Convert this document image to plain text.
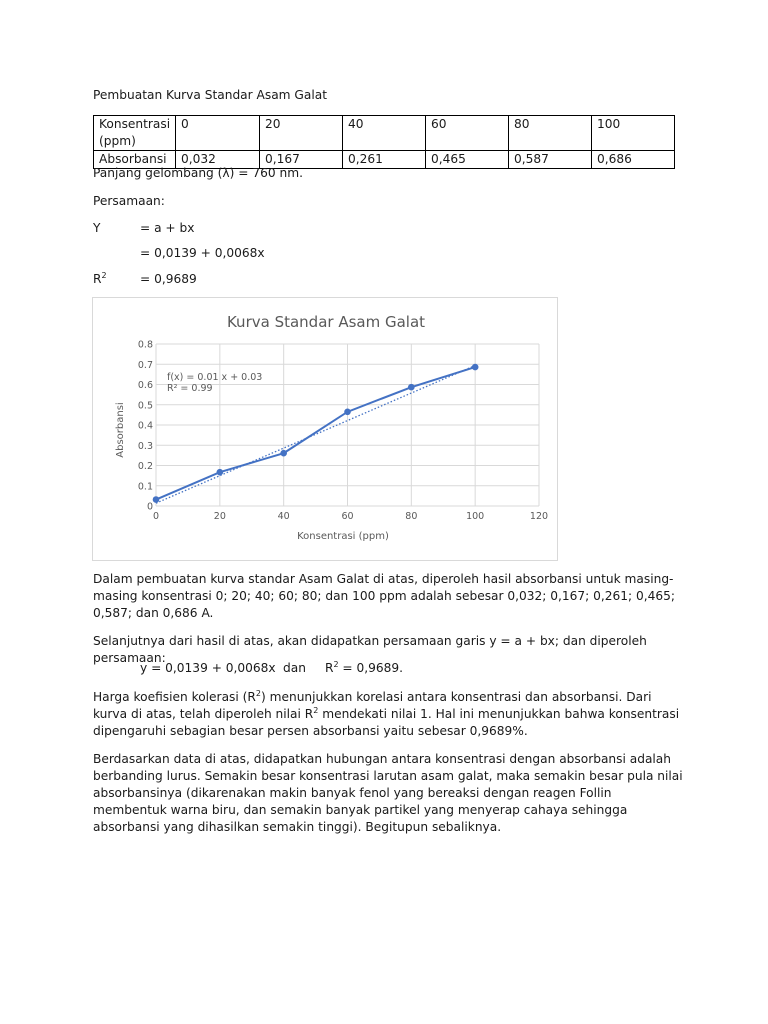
Pembuatan Kurva Standar Asam Galat
Konsentrasi (ppm)	0	20	40	60	80	100
Absorbansi	0,032	0,167	0,261	0,465	0,587	0,686
Panjang gelombang (λ) = 760 nm.
Persamaan:
Y	= a + bx
= 0,0139 + 0,0068x
$R^2$	= 0,9689
Kurva Standar Asam Galat
0
0.1
0.2
0.3
0.4
0.5
0.6
0.7
0.8
0	20	40	60	80	100	120
f(x) = 0.01 x + 0.03
R² = 0.99
Konsentrasi (ppm)
Absorbansi
Dalam pembuatan kurva standar Asam Galat di atas, diperoleh hasil absorbansi untuk masing-masing konsentrasi 0; 20; 40; 60; 80; dan 100 ppm adalah sebesar 0,032; 0,167; 0,261; 0,465; 0,587; dan 0,686 A.
Selanjutnya dari hasil di atas, akan didapatkan persamaan garis y = a + bx; dan diperoleh persamaan:
y = 0,0139 + 0,0068x dan $R^2 = 0,9689$.
Harga koefisien kolerasi $(R^2)$ menunjukkan korelasi antara konsentrasi dan absorbansi. Dari kurva di atas, telah diperoleh nilai $R^2$ mendekati nilai 1. Hal ini menunjukkan bahwa konsentrasi dipengaruhi sebagian besar persen absorbansi yaitu sebesar 0,9689%.
Berdasarkan data di atas, didapatkan hubungan antara konsentrasi dengan absorbansi adalah berbanding lurus. Semakin besar konsentrasi larutan asam galat, maka semakin besar pula nilai absorbansinya (dikarenakan makin banyak fenol yang bereaksi dengan reagen Follin membentuk warna biru, dan semakin banyak partikel yang menyerap cahaya sehingga absorbansi yang dihasilkan semakin tinggi). Begitupun sebaliknya.
